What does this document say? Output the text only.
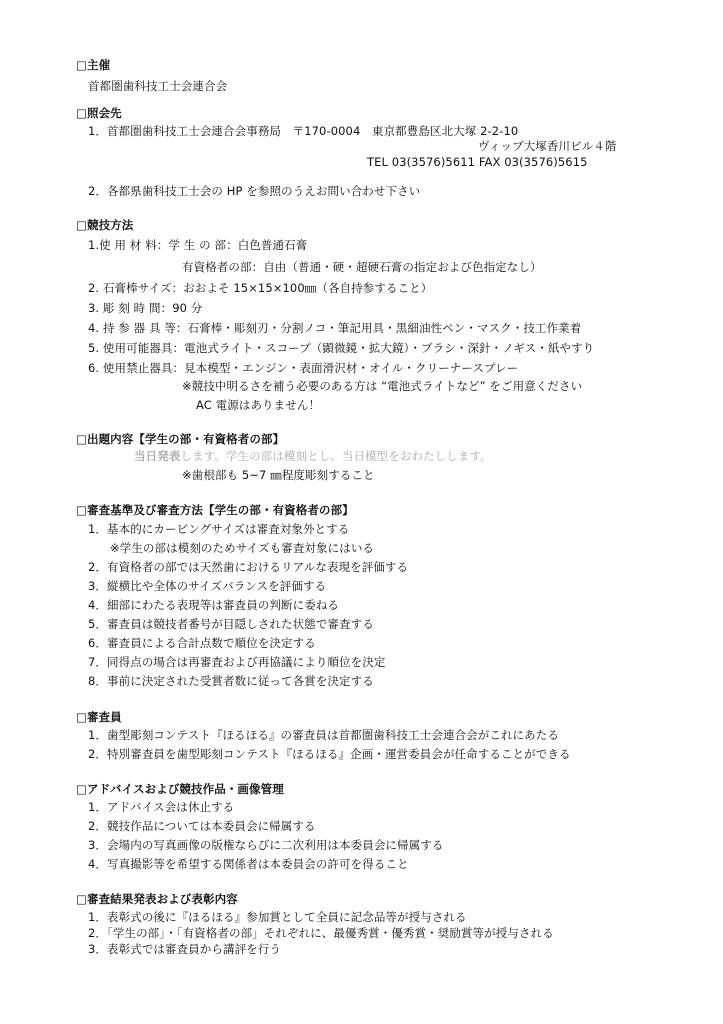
□主催
首都圏歯科技工士会連合会
□照会先
1．首都圏歯科技工士会連合会事務局　〒170-0004　東京都豊島区北大塚 2-2-10
ヴィップ大塚香川ビル４階
TEL 03(3576)5611 FAX 03(3576)5615
2．各都県歯科技工士会の HP を参照のうえお問い合わせ下さい
□競技方法
1.使 用 材 料：学 生 の 部：白色普通石膏
有資格者の部：自由（普通・硬・超硬石膏の指定および色指定なし）
2. 石膏棒サイズ：おおよそ 15×15×100㎜（各自持参すること）
3. 彫 刻 時 間：90 分
4. 持 参 器 具 等：石膏棒・彫刻刃・分割ノコ・筆記用具・黒細油性ペン・マスク・技工作業着
5. 使用可能器具：電池式ライト・スコープ（顕微鏡・拡大鏡）・ブラシ・深針・ノギス・紙やすり
6. 使用禁止器具：見本模型・エンジン・表面滑沢材・オイル・クリーナースプレー
※競技中明るさを補う必要のある方は “電池式ライトなど” をご用意ください
AC 電源はありません！
□出題内容【学生の部・有資格者の部】
当日発表します。学生の部は模刻とし、当日模型をおわたしします。
※歯根部も 5~7 ㎜程度彫刻すること
□審査基準及び審査方法【学生の部・有資格者の部】
1．基本的にカービングサイズは審査対象外とする
※学生の部は模刻のためサイズも審査対象にはいる
2．有資格者の部では天然歯におけるリアルな表現を評価する
3．縦横比や全体のサイズバランスを評価する
4．細部にわたる表現等は審査員の判断に委ねる
5．審査員は競技者番号が目隠しされた状態で審査する
6．審査員による合計点数で順位を決定する
7．同得点の場合は再審査および再協議により順位を決定
8．事前に決定された受賞者数に従って各賞を決定する
□審査員
1．歯型彫刻コンテスト『ほるほる』の審査員は首都圏歯科技工士会連合会がこれにあたる
2．特別審査員を歯型彫刻コンテスト『ほるほる』企画・運営委員会が任命することができる
□アドバイスおよび競技作品・画像管理
1．アドバイス会は休止する
2．競技作品については本委員会に帰属する
3．会場内の写真画像の版権ならびに二次利用は本委員会に帰属する
4．写真撮影等を希望する関係者は本委員会の許可を得ること
□審査結果発表および表彰内容
1．表彰式の後に『ほるほる』参加賞として全員に記念品等が授与される
2．「学生の部」・「有資格者の部」それぞれに、最優秀賞・優秀賞・奨励賞等が授与される
3．表彰式では審査員から講評を行う
